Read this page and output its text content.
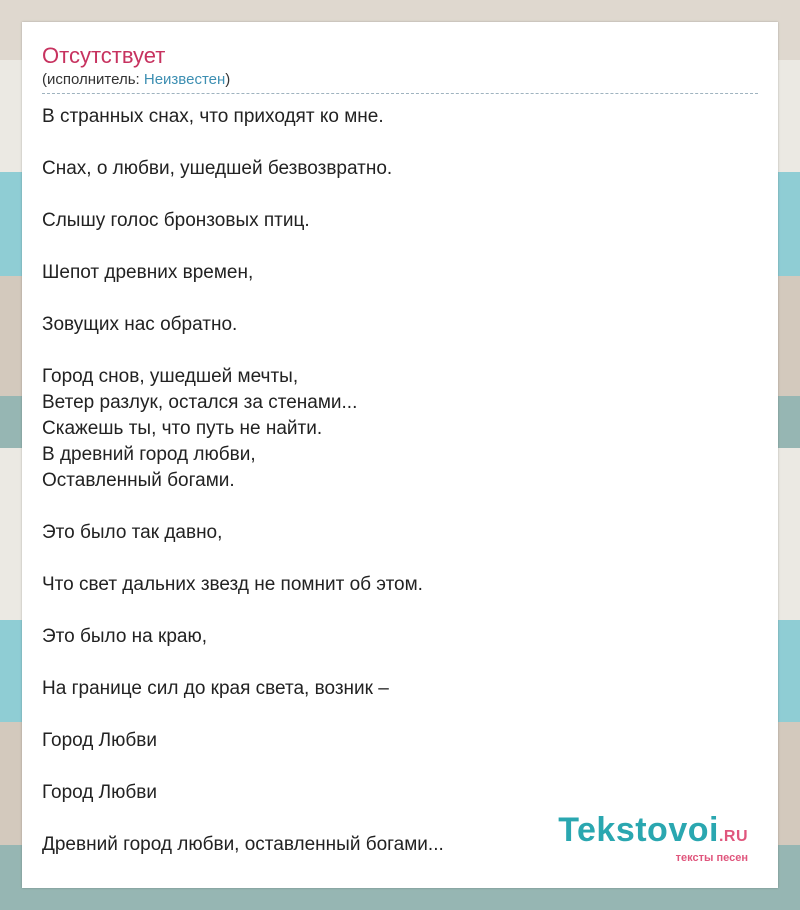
Отсутствует
(исполнитель: Неизвестен)
В странных снах, что приходят ко мне.
Снах, о любви, ушедшей безвозвратно.
Слышу голос бронзовых птиц.
Шепот древних времен,
Зовущих нас обратно.
Город снов, ушедшей мечты,
Ветер разлук, остался за стенами...
Скажешь ты, что путь не найти.
В древний город любви,
Оставленный богами.
Это было так давно,
Что свет дальних звезд не помнит об этом.
Это было на краю,
На границе сил до края света, возник –
Город Любви
Город Любви
Древний город любви, оставленный богами...	Tekstovoi.RU
тексты песен
